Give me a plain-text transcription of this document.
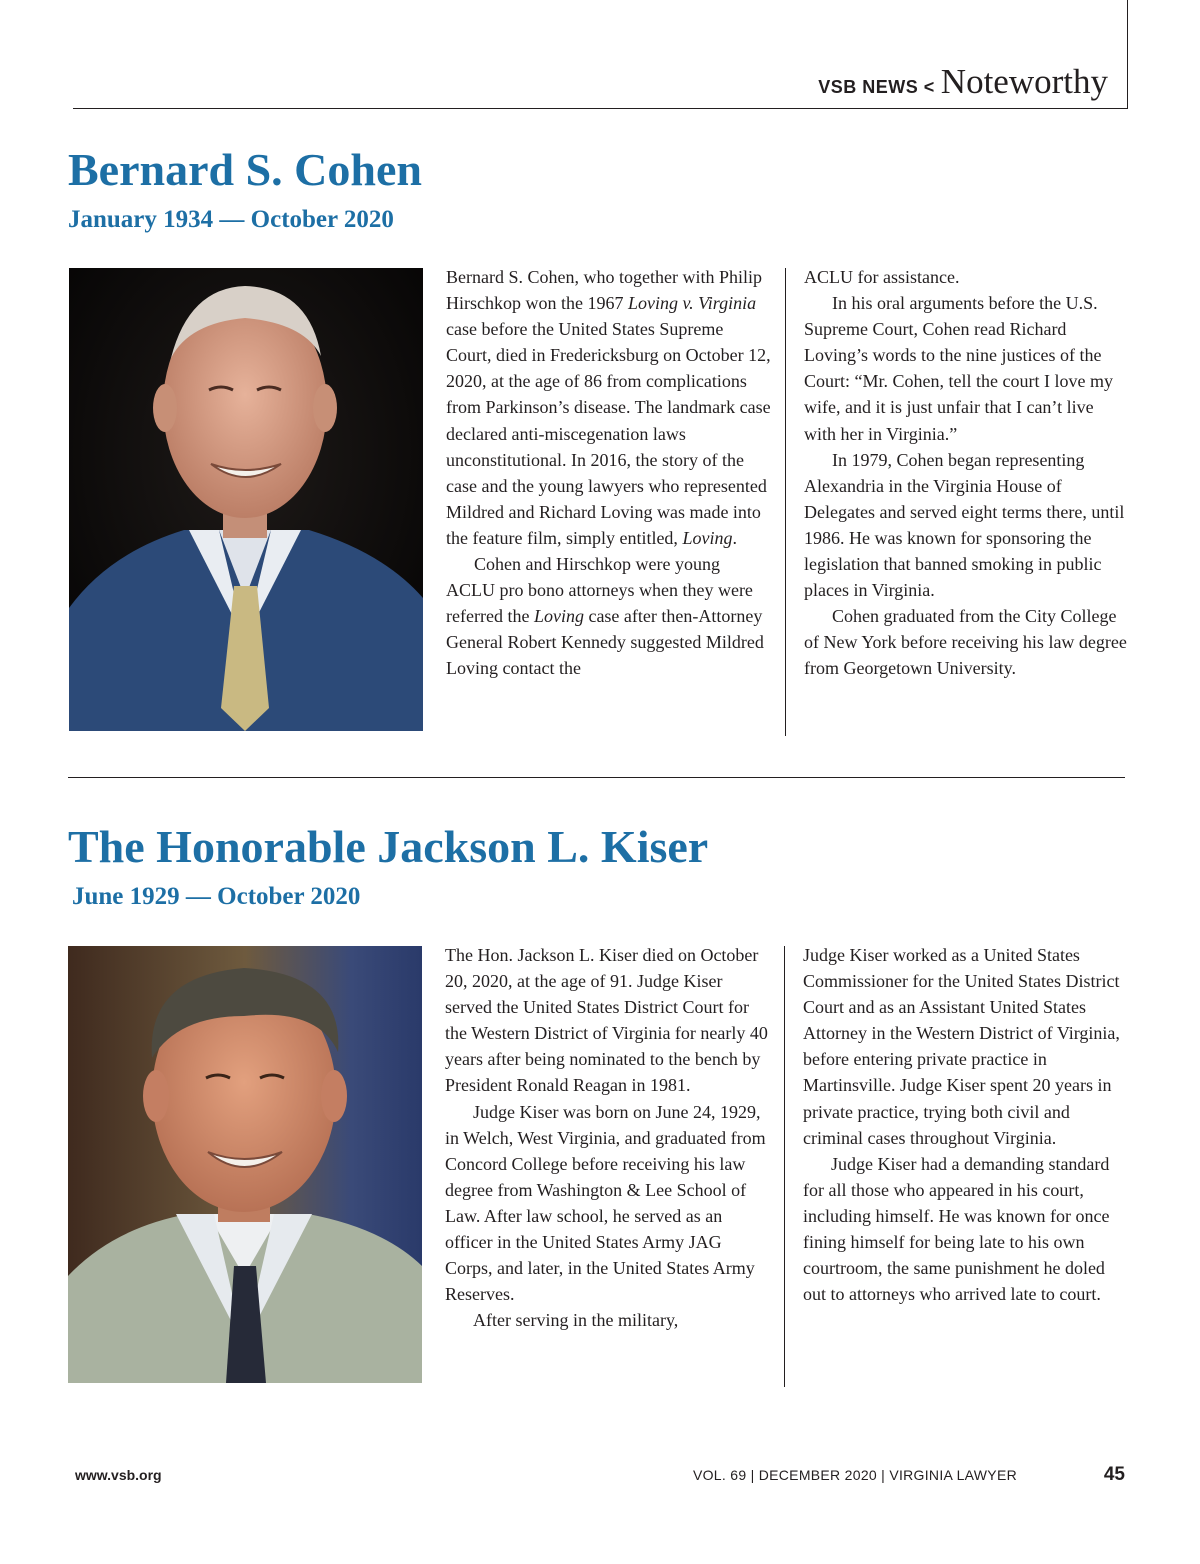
VSB NEWS < Noteworthy
Bernard S. Cohen
January 1934 — October 2020

Bernard S. Cohen, who together with Philip Hirschkop won the 1967 Loving v. Virginia case before the United States Supreme Court, died in Fredericksburg on October 12, 2020, at the age of 86 from complications from Parkinson’s disease. The landmark case declared anti-miscegenation laws unconstitutional. In 2016, the story of the case and the young lawyers who represented Mildred and Richard Loving was made into the feature film, simply entitled, Loving.

Cohen and Hirschkop were young ACLU pro bono attorneys when they were referred the Loving case after then-Attorney General Robert Kennedy suggested Mildred Loving contact the

ACLU for assistance.

In his oral arguments before the U.S. Supreme Court, Cohen read Richard Loving’s words to the nine justices of the Court: “Mr. Cohen, tell the court I love my wife, and it is just unfair that I can’t live with her in Virginia.”

In 1979, Cohen began representing Alexandria in the Virginia House of Delegates and served eight terms there, until 1986. He was known for sponsoring the legislation that banned smoking in public places in Virginia.

Cohen graduated from the City College of New York before receiving his law degree from Georgetown University.

The Honorable Jackson L. Kiser
June 1929 — October 2020

The Hon. Jackson L. Kiser died on October 20, 2020, at the age of 91. Judge Kiser served the United States District Court for the Western District of Virginia for nearly 40 years after being nominated to the bench by President Ronald Reagan in 1981.

Judge Kiser was born on June 24, 1929, in Welch, West Virginia, and graduated from Concord College before receiving his law degree from Washington & Lee School of Law. After law school, he served as an officer in the United States Army JAG Corps, and later, in the United States Army Reserves.

After serving in the military,

Judge Kiser worked as a United States Commissioner for the United States District Court and as an Assistant United States Attorney in the Western District of Virginia, before entering private practice in Martinsville. Judge Kiser spent 20 years in private practice, trying both civil and criminal cases throughout Virginia.

Judge Kiser had a demanding standard for all those who appeared in his court, including himself. He was known for once fining himself for being late to his own courtroom, the same punishment he doled out to attorneys who arrived late to court.

www.vsb.org	VOL. 69 | DECEMBER 2020 | VIRGINIA LAWYER	45
